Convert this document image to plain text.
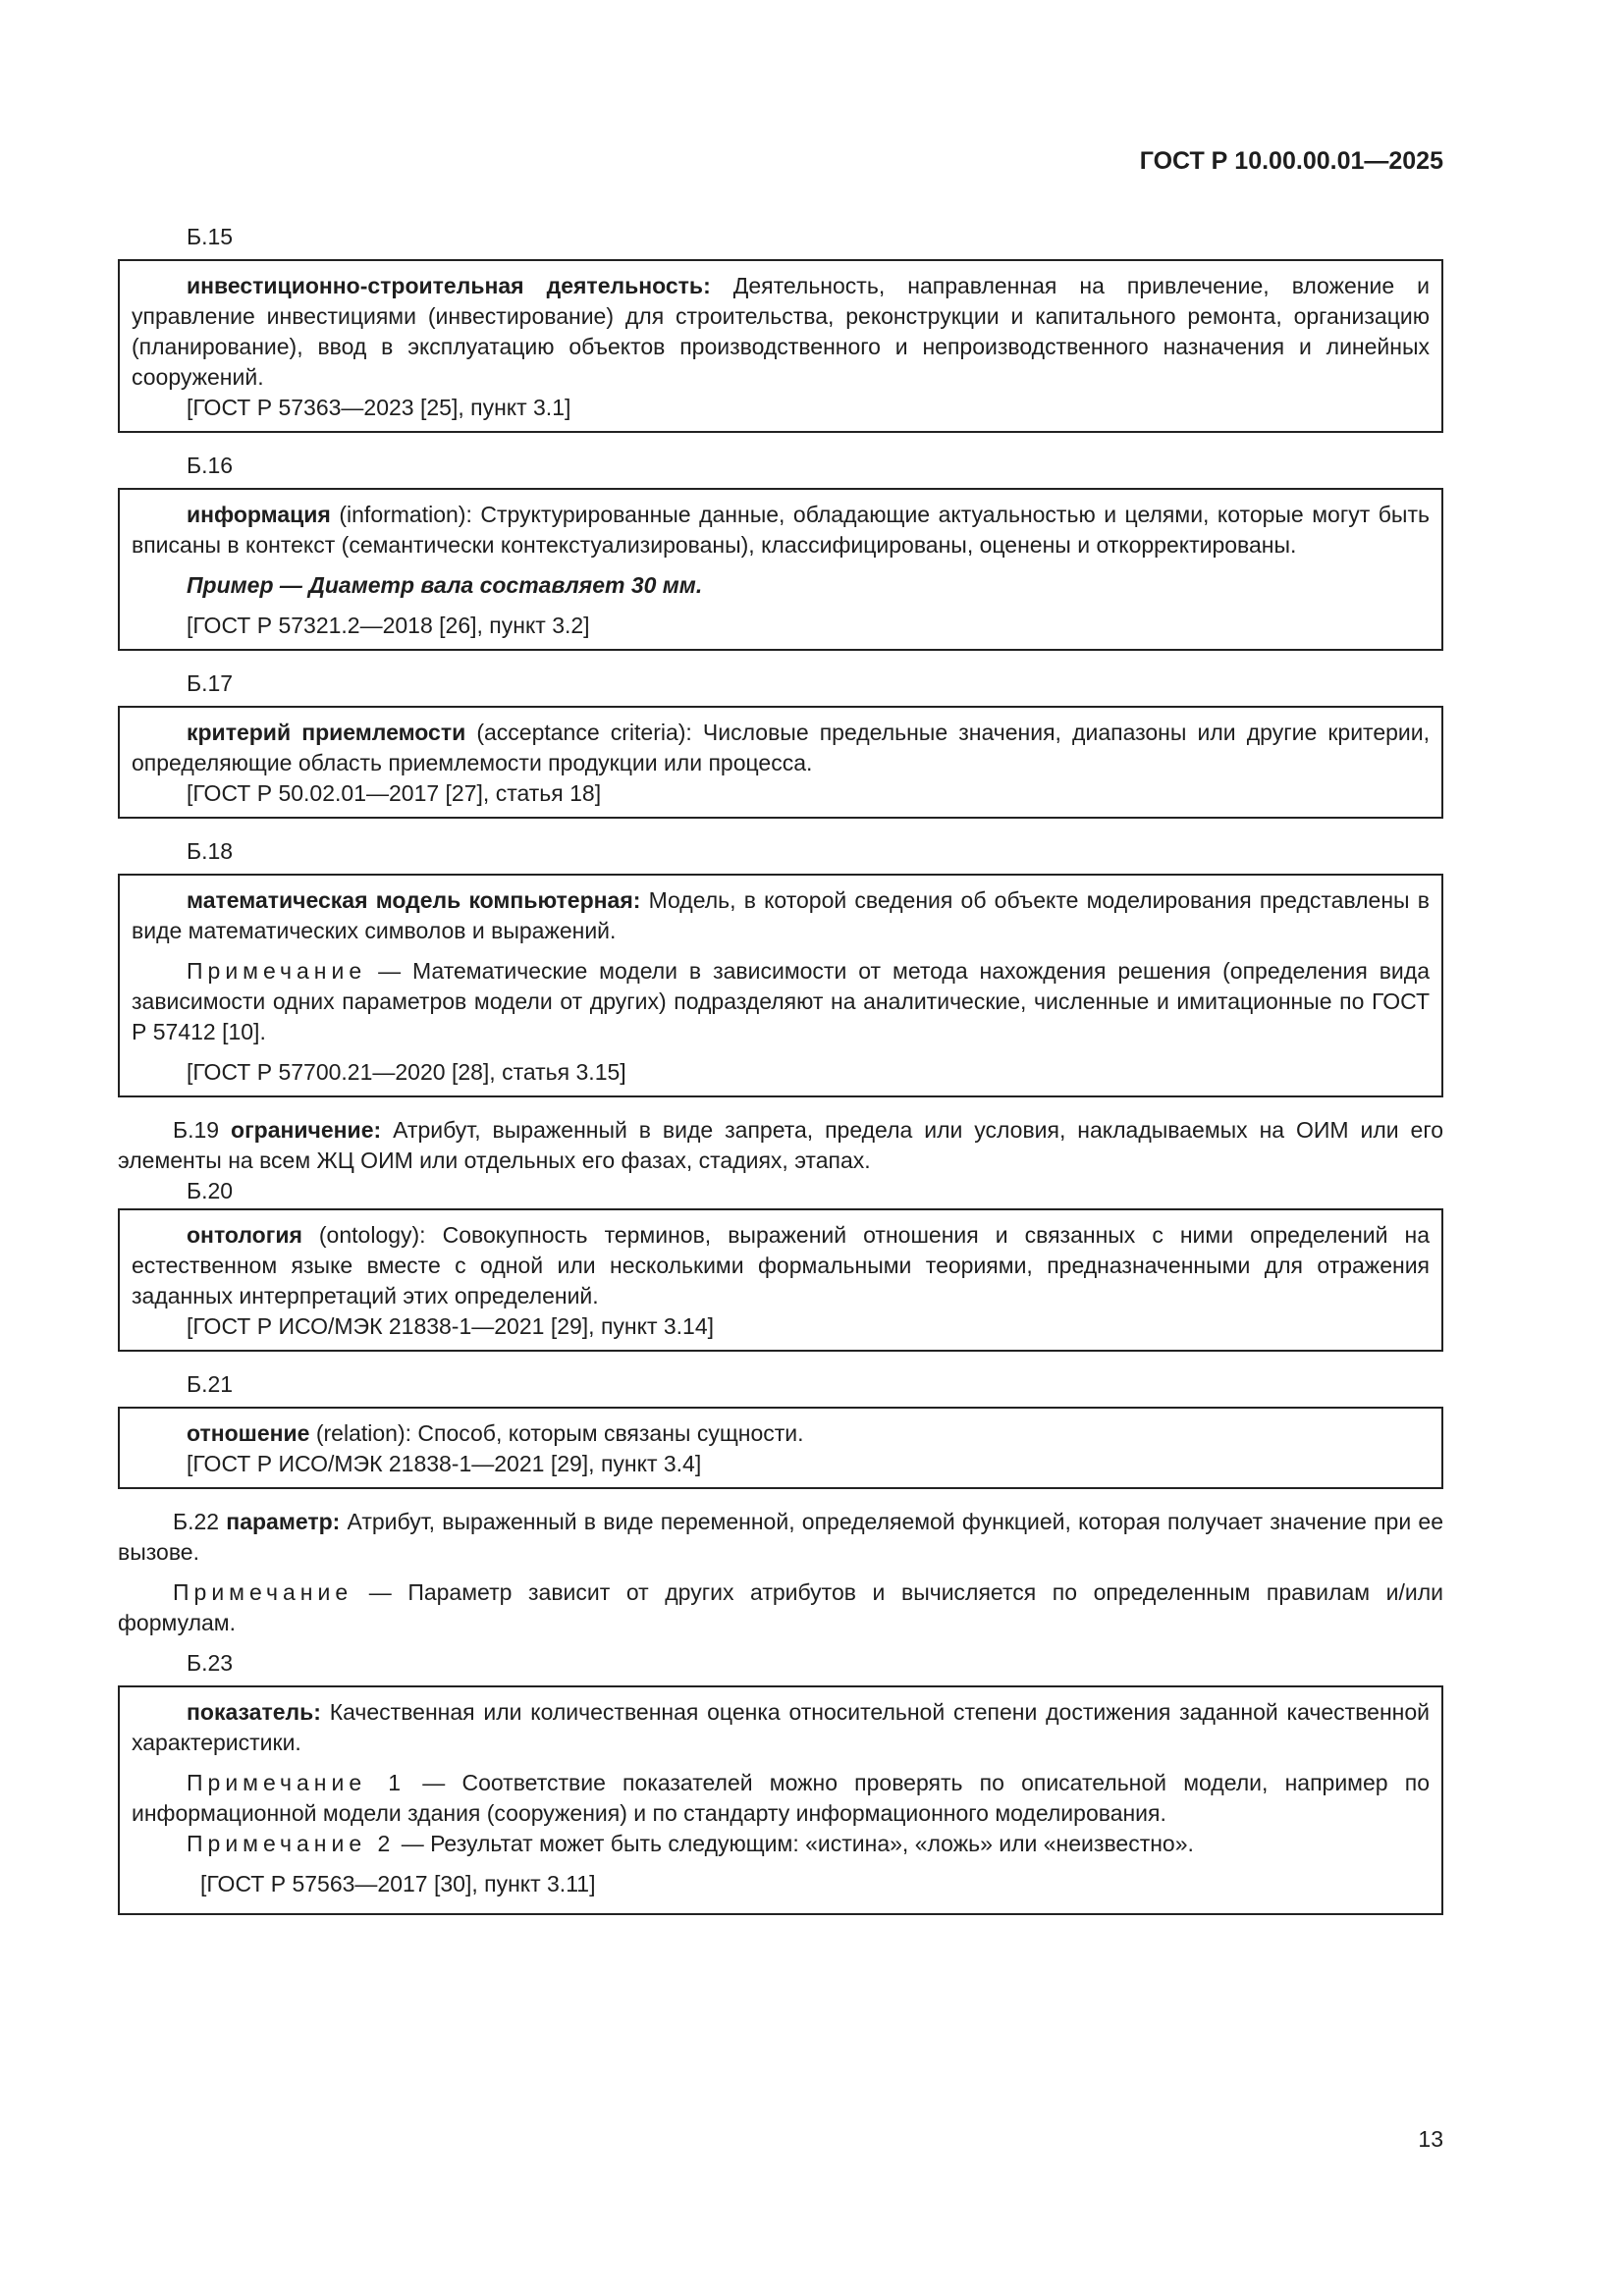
ГОСТ Р 10.00.00.01—2025
Б.15

инвестиционно-строительная деятельность: Деятельность, направленная на привлечение, вложение и управление инвестициями (инвестирование) для строительства, реконструкции и капитального ремонта, организацию (планирование), ввод в эксплуатацию объектов производственного и непроизводственного назначения и линейных сооружений.

[ГОСТ Р 57363—2023 [25], пункт 3.1]

Б.16

информация (information): Структурированные данные, обладающие актуальностью и целями, которые могут быть вписаны в контекст (семантически контекстуализированы), классифицированы, оценены и откорректированы.

Пример — Диаметр вала составляет 30 мм.

[ГОСТ Р 57321.2—2018 [26], пункт 3.2]

Б.17

критерий приемлемости (acceptance criteria): Числовые предельные значения, диапазоны или другие критерии, определяющие область приемлемости продукции или процесса.

[ГОСТ Р 50.02.01—2017 [27], статья 18]

Б.18

математическая модель компьютерная: Модель, в которой сведения об объекте моделирования представлены в виде математических символов и выражений.

Примечание — Математические модели в зависимости от метода нахождения решения (определения вида зависимости одних параметров модели от других) подразделяют на аналитические, численные и имитационные по ГОСТ Р 57412 [10].

[ГОСТ Р 57700.21—2020 [28], статья 3.15]

Б.19 ограничение: Атрибут, выраженный в виде запрета, предела или условия, накладываемых на ОИМ или его элементы на всем ЖЦ ОИМ или отдельных его фазах, стадиях, этапах.

Б.20

онтология (ontology): Совокупность терминов, выражений отношения и связанных с ними определений на естественном языке вместе с одной или несколькими формальными теориями, предназначенными для отражения заданных интерпретаций этих определений.

[ГОСТ Р ИСО/МЭК 21838-1—2021 [29], пункт 3.14]

Б.21

отношение (relation): Способ, которым связаны сущности.

[ГОСТ Р ИСО/МЭК 21838-1—2021 [29], пункт 3.4]

Б.22 параметр: Атрибут, выраженный в виде переменной, определяемой функцией, которая получает значение при ее вызове.

Примечание — Параметр зависит от других атрибутов и вычисляется по определенным правилам и/или формулам.

Б.23

показатель: Качественная или количественная оценка относительной степени достижения заданной качественной характеристики.

Примечание 1 — Соответствие показателей можно проверять по описательной модели, например по информационной модели здания (сооружения) и по стандарту информационного моделирования.

Примечание 2 — Результат может быть следующим: «истина», «ложь» или «неизвестно».

[ГОСТ Р 57563—2017 [30], пункт 3.11]

13
